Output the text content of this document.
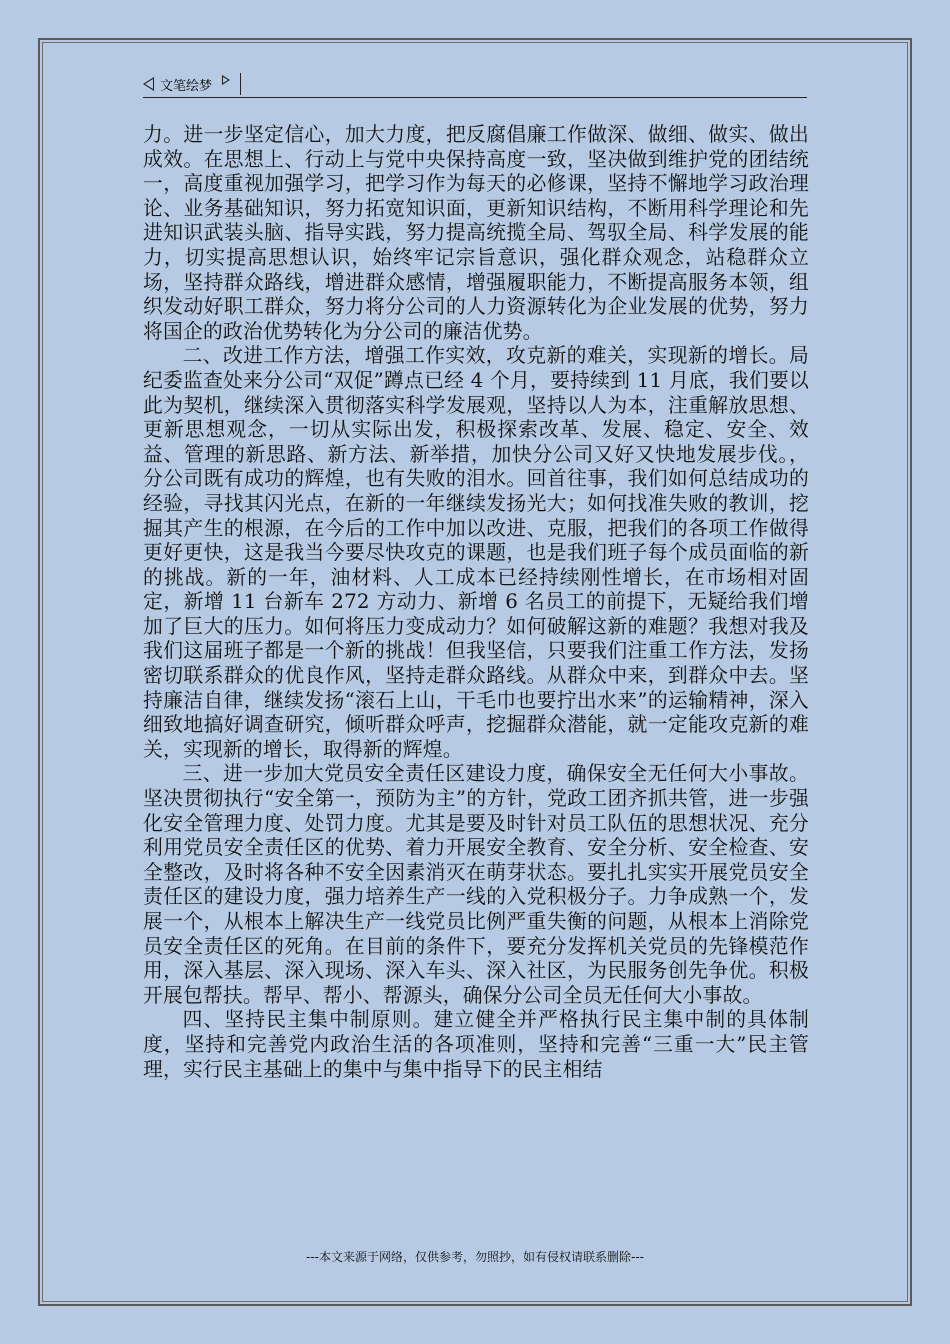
文笔绘梦

力。进一步坚定信心，加大力度，把反腐倡廉工作做深、做细、做实、做出成效。在思想上、行动上与党中央保持高度一致，坚决做到维护党的团结统一，高度重视加强学习，把学习作为每天的必修课，坚持不懈地学习政治理论、业务基础知识，努力拓宽知识面，更新知识结构，不断用科学理论和先进知识武装头脑、指导实践，努力提高统揽全局、驾驭全局、科学发展的能力，切实提高思想认识，始终牢记宗旨意识，强化群众观念，站稳群众立场，坚持群众路线，增进群众感情，增强履职能力，不断提高服务本领，组织发动好职工群众，努力将分公司的人力资源转化为企业发展的优势，努力将国企的政治优势转化为分公司的廉洁优势。

二、改进工作方法，增强工作实效，攻克新的难关，实现新的增长。局纪委监查处来分公司“双促”蹲点已经 4 个月，要持续到 11 月底，我们要以此为契机，继续深入贯彻落实科学发展观，坚持以人为本，注重解放思想、更新思想观念，一切从实际出发，积极探索改革、发展、稳定、安全、效益、管理的新思路、新方法、新举措，加快分公司又好又快地发展步伐。，分公司既有成功的辉煌，也有失败的泪水。回首往事，我们如何总结成功的经验，寻找其闪光点，在新的一年继续发扬光大；如何找准失败的教训，挖掘其产生的根源，在今后的工作中加以改进、克服，把我们的各项工作做得更好更快，这是我当今要尽快攻克的课题，也是我们班子每个成员面临的新的挑战。新的一年，油材料、人工成本已经持续刚性增长，在市场相对固定，新增 11 台新车 272 方动力、新增 6 名员工的前提下，无疑给我们增加了巨大的压力。如何将压力变成动力？如何破解这新的难题？我想对我及我们这届班子都是一个新的挑战！但我坚信，只要我们注重工作方法，发扬密切联系群众的优良作风，坚持走群众路线。从群众中来，到群众中去。坚持廉洁自律，继续发扬“滚石上山，干毛巾也要拧出水来”的运输精神，深入细致地搞好调查研究，倾听群众呼声，挖掘群众潜能，就一定能攻克新的难关，实现新的增长，取得新的辉煌。

三、进一步加大党员安全责任区建设力度，确保安全无任何大小事故。坚决贯彻执行“安全第一，预防为主”的方针，党政工团齐抓共管，进一步强化安全管理力度、处罚力度。尤其是要及时针对员工队伍的思想状况、充分利用党员安全责任区的优势、着力开展安全教育、安全分析、安全检查、安全整改，及时将各种不安全因素消灭在萌芽状态。要扎扎实实开展党员安全责任区的建设力度，强力培养生产一线的入党积极分子。力争成熟一个，发展一个，从根本上解决生产一线党员比例严重失衡的问题，从根本上消除党员安全责任区的死角。在目前的条件下，要充分发挥机关党员的先锋模范作用，深入基层、深入现场、深入车头、深入社区，为民服务创先争优。积极开展包帮扶。帮早、帮小、帮源头，确保分公司全员无任何大小事故。

四、坚持民主集中制原则。建立健全并严格执行民主集中制的具体制度，坚持和完善党内政治生活的各项准则，坚持和完善“三重一大”民主管理，实行民主基础上的集中与集中指导下的民主相结

---本文来源于网络，仅供参考，勿照抄，如有侵权请联系删除---
